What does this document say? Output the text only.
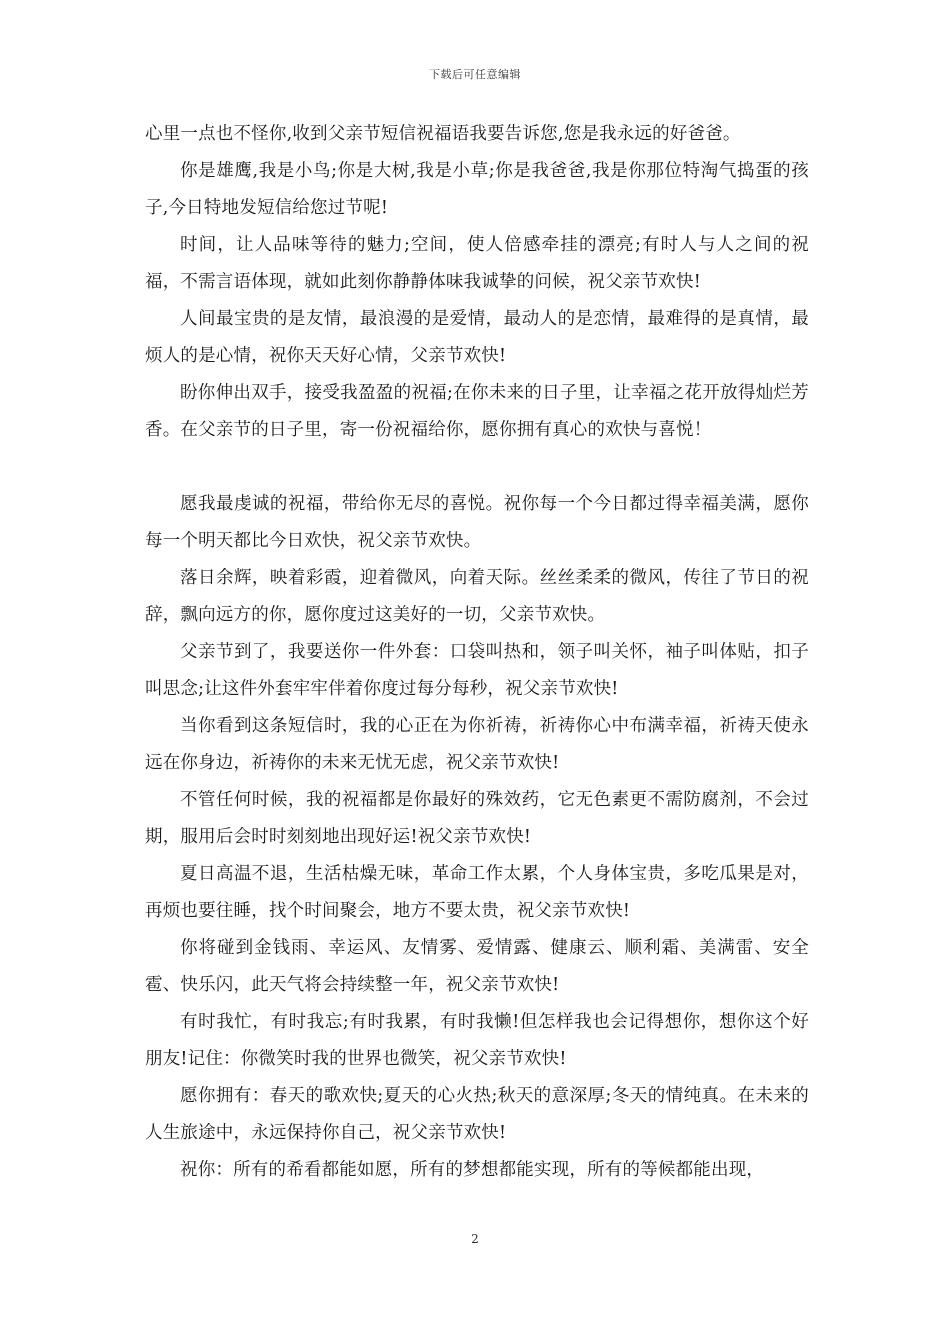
下载后可任意编辑

心里一点也不怪你,收到父亲节短信祝福语我要告诉您,您是我永远的好爸爸。

你是雄鹰,我是小鸟;你是大树,我是小草;你是我爸爸,我是你那位特淘气捣蛋的孩子,今日特地发短信给您过节呢!

时间，让人品味等待的魅力;空间，使人倍感牵挂的漂亮;有时人与人之间的祝福，不需言语体现，就如此刻你静静体味我诚挚的问候，祝父亲节欢快!

人间最宝贵的是友情，最浪漫的是爱情，最动人的是恋情，最难得的是真情，最烦人的是心情，祝你天天好心情，父亲节欢快!

盼你伸出双手，接受我盈盈的祝福;在你未来的日子里，让幸福之花开放得灿烂芳香。在父亲节的日子里，寄一份祝福给你，愿你拥有真心的欢快与喜悦！

愿我最虔诚的祝福，带给你无尽的喜悦。祝你每一个今日都过得幸福美满，愿你每一个明天都比今日欢快，祝父亲节欢快。

落日余辉，映着彩霞，迎着微风，向着天际。丝丝柔柔的微风，传往了节日的祝辞，飘向远方的你，愿你度过这美好的一切，父亲节欢快。

父亲节到了，我要送你一件外套：口袋叫热和，领子叫关怀，袖子叫体贴，扣子叫思念;让这件外套牢牢伴着你度过每分每秒，祝父亲节欢快!

当你看到这条短信时，我的心正在为你祈祷，祈祷你心中布满幸福，祈祷天使永远在你身边，祈祷你的未来无忧无虑，祝父亲节欢快!

不管任何时候，我的祝福都是你最好的殊效药，它无色素更不需防腐剂，不会过期，服用后会时时刻刻地出现好运!祝父亲节欢快!

夏日高温不退，生活枯燥无味，革命工作太累，个人身体宝贵，多吃瓜果是对，再烦也要往睡，找个时间聚会，地方不要太贵，祝父亲节欢快!

你将碰到金钱雨、幸运风、友情雾、爱情露、健康云、顺利霜、美满雷、安全雹、快乐闪，此天气将会持续整一年，祝父亲节欢快!

有时我忙，有时我忘;有时我累，有时我懒!但怎样我也会记得想你，想你这个好朋友!记住：你微笑时我的世界也微笑，祝父亲节欢快!

愿你拥有：春天的歌欢快;夏天的心火热;秋天的意深厚;冬天的情纯真。在未来的人生旅途中，永远保持你自己，祝父亲节欢快!

祝你：所有的希看都能如愿，所有的梦想都能实现，所有的等候都能出现，

2
